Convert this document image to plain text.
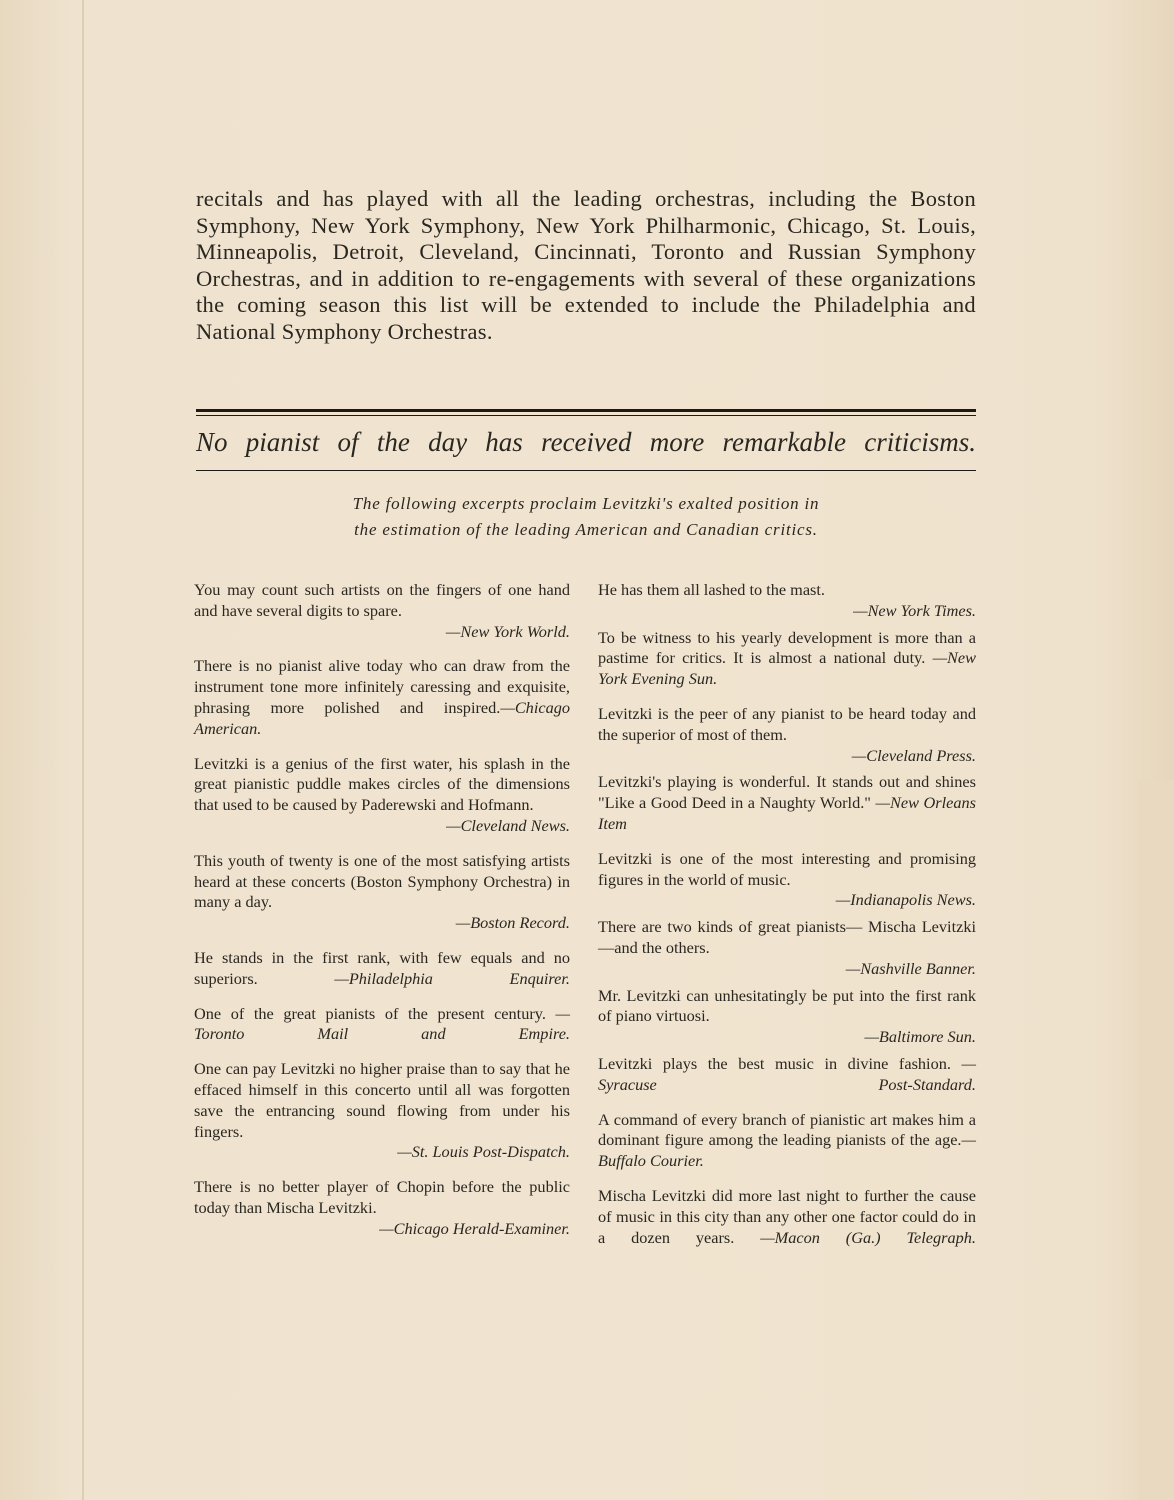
recitals and has played with all the leading orchestras, including the Boston Symphony, New York Symphony, New York Philharmonic, Chicago, St. Louis, Minneapolis, Detroit, Cleveland, Cincinnati, Toronto and Russian Symphony Orchestras, and in addition to re-engagements with several of these organizations the coming season this list will be extended to include the Philadelphia and National Symphony Orchestras.

No pianist of the day has received more remarkable criticisms.

The following excerpts proclaim Levitzki's exalted position in
the estimation of the leading American and Canadian critics.

You may count such artists on the fingers of one hand and have several digits to spare.

—New York World.

There is no pianist alive today who can draw from the instrument tone more infinitely caressing and exquisite, phrasing more polished and inspired.—Chicago American.

Levitzki is a genius of the first water, his splash in the great pianistic puddle makes circles of the dimensions that used to be caused by Paderewski and Hofmann.

—Cleveland News.

This youth of twenty is one of the most satisfying artists heard at these concerts (Boston Symphony Orchestra) in many a day.

—Boston Record.

He stands in the first rank, with few equals and no superiors.	—Philadelphia Enquirer.

One of the great pianists of the present century. —Toronto Mail and Empire.

One can pay Levitzki no higher praise than to say that he effaced himself in this concerto until all was forgotten save the entrancing sound flowing from under his fingers.

—St. Louis Post-Dispatch.

There is no better player of Chopin before the public today than Mischa Levitzki.

—Chicago Herald-Examiner.

He has them all lashed to the mast.

—New York Times.

To be witness to his yearly development is more than a pastime for critics. It is almost a national duty. —New York Evening Sun.

Levitzki is the peer of any pianist to be heard today and the superior of most of them.

—Cleveland Press.

Levitzki's playing is wonderful. It stands out and shines "Like a Good Deed in a Naughty World." —New Orleans Item

Levitzki is one of the most interesting and promising figures in the world of music.

—Indianapolis News.

There are two kinds of great pianists— Mischa Levitzki—and the others.

—Nashville Banner.

Mr. Levitzki can unhesitatingly be put into the first rank of piano virtuosi.

—Baltimore Sun.

Levitzki plays the best music in divine fashion. —Syracuse Post-Standard.

A command of every branch of pianistic art makes him a dominant figure among the leading pianists of the age.—Buffalo Courier.

Mischa Levitzki did more last night to further the cause of music in this city than any other one factor could do in a dozen years. —Macon (Ga.) Telegraph.
